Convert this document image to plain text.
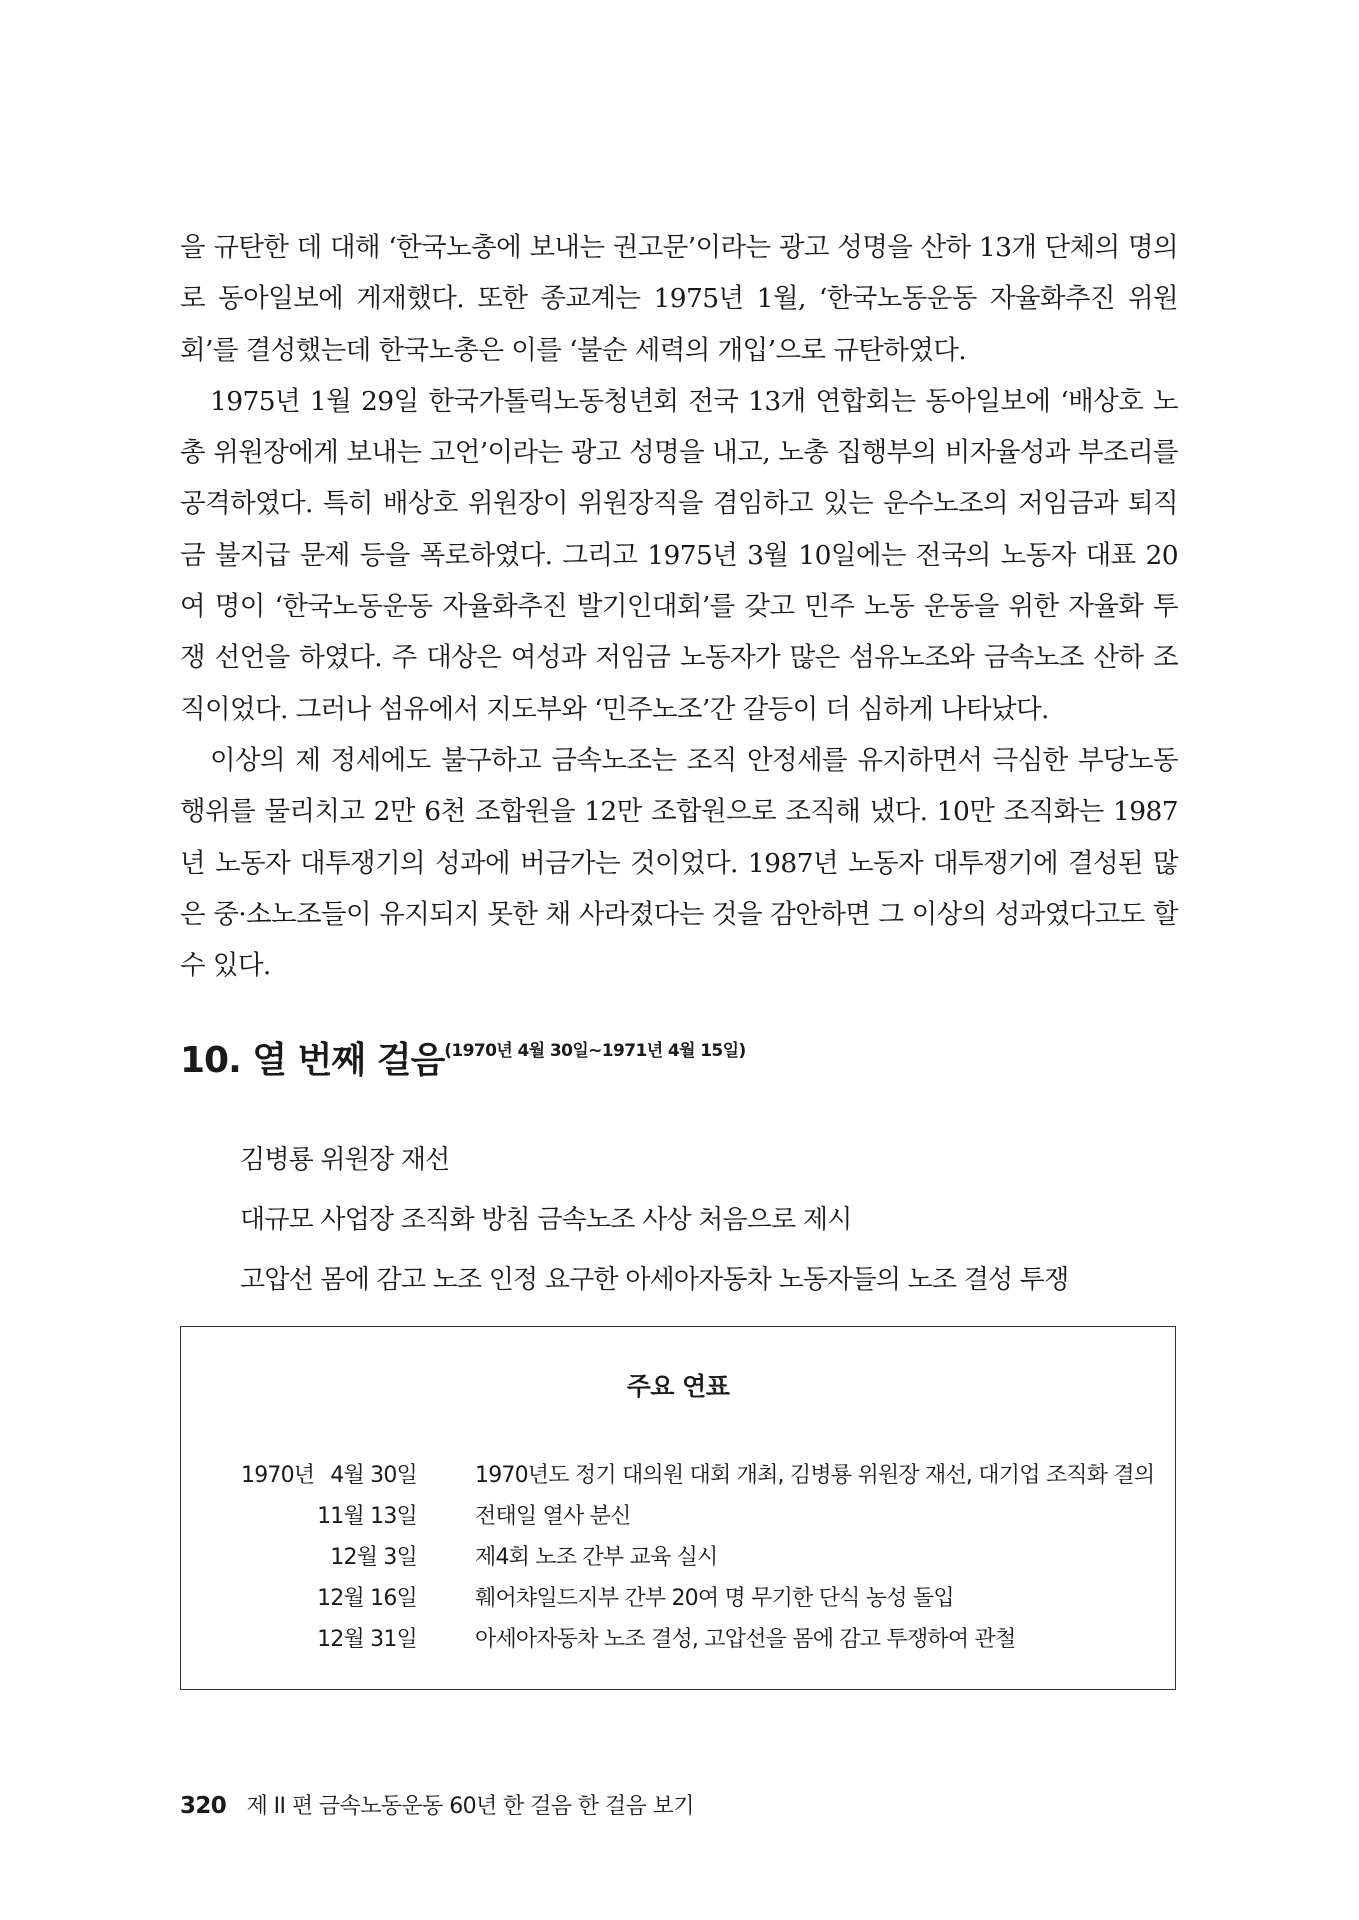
을 규탄한 데 대해 ‘한국노총에 보내는 권고문’이라는 광고 성명을 산하 13개 단체의 명의로 동아일보에 게재했다. 또한 종교계는 1975년 1월, ‘한국노동운동 자율화추진 위원회’를 결성했는데 한국노총은 이를 ‘불순 세력의 개입’으로 규탄하였다.

1975년 1월 29일 한국가톨릭노동청년회 전국 13개 연합회는 동아일보에 ‘배상호 노총 위원장에게 보내는 고언’이라는 광고 성명을 내고, 노총 집행부의 비자율성과 부조리를 공격하였다. 특히 배상호 위원장이 위원장직을 겸임하고 있는 운수노조의 저임금과 퇴직금 불지급 문제 등을 폭로하였다. 그리고 1975년 3월 10일에는 전국의 노동자 대표 20여 명이 ‘한국노동운동 자율화추진 발기인대회’를 갖고 민주 노동 운동을 위한 자율화 투쟁 선언을 하였다. 주 대상은 여성과 저임금 노동자가 많은 섬유노조와 금속노조 산하 조직이었다. 그러나 섬유에서 지도부와 ‘민주노조’간 갈등이 더 심하게 나타났다.

이상의 제 정세에도 불구하고 금속노조는 조직 안정세를 유지하면서 극심한 부당노동행위를 물리치고 2만 6천 조합원을 12만 조합원으로 조직해 냈다. 10만 조직화는 1987년 노동자 대투쟁기의 성과에 버금가는 것이었다. 1987년 노동자 대투쟁기에 결성된 많은 중·소노조들이 유지되지 못한 채 사라졌다는 것을 감안하면 그 이상의 성과였다고도 할 수 있다.

10. 열 번째 걸음(1970년 4월 30일~1971년 4월 15일)
김병룡 위원장 재선
대규모 사업장 조직화 방침 금속노조 사상 처음으로 제시
고압선 몸에 감고 노조 인정 요구한 아세아자동차 노동자들의 노조 결성 투쟁
주요 연표
1970년 4월 30일	1970년도 정기 대의원 대회 개최, 김병룡 위원장 재선, 대기업 조직화 결의
11월 13일	전태일 열사 분신
12월 3일	제4회 노조 간부 교육 실시
12월 16일	훼어챠일드지부 간부 20여 명 무기한 단식 농성 돌입
12월 31일	아세아자동차 노조 결성, 고압선을 몸에 감고 투쟁하여 관철
320 제 II 편 금속노동운동 60년 한 걸음 한 걸음 보기
